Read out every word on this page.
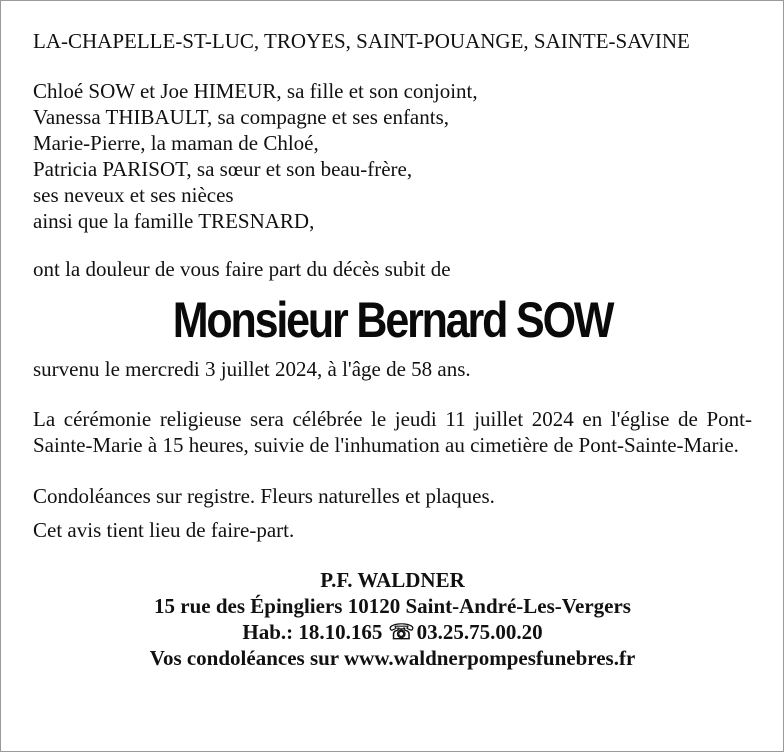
LA-CHAPELLE-ST-LUC, TROYES, SAINT-POUANGE, SAINTE-SAVINE
Chloé SOW et Joe HIMEUR, sa fille et son conjoint,
Vanessa THIBAULT, sa compagne et ses enfants,
Marie-Pierre, la maman de Chloé,
Patricia PARISOT, sa sœur et son beau-frère,
ses neveux et ses nièces
ainsi que la famille TRESNARD,
ont la douleur de vous faire part du décès subit de
Monsieur Bernard SOW
survenu le mercredi 3 juillet 2024, à l'âge de 58 ans.
La cérémonie religieuse sera célébrée le jeudi 11 juillet 2024 en l'église de Pont-Sainte-Marie à 15 heures, suivie de l'inhumation au cimetière de Pont-Sainte-Marie.
Condoléances sur registre. Fleurs naturelles et plaques.
Cet avis tient lieu de faire-part.
P.F. WALDNER
15 rue des Épingliers 10120 Saint-André-Les-Vergers
Hab.: 18.10.165 ☏03.25.75.00.20
Vos condoléances sur www.waldnerpompesfunebres.fr
